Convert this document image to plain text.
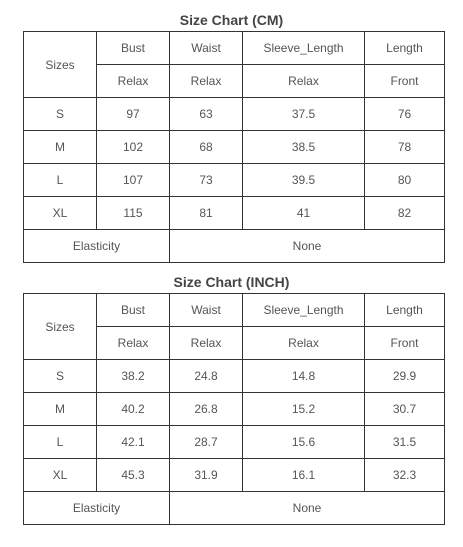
Size Chart (CM)
Sizes	Bust	Waist	Sleeve_Length	Length
	Relax	Relax	Relax	Front
S	97	63	37.5	76
M	102	68	38.5	78
L	107	73	39.5	80
XL	115	81	41	82
Elasticity		None		
Size Chart (INCH)
Sizes	Bust	Waist	Sleeve_Length	Length
	Relax	Relax	Relax	Front
S	38.2	24.8	14.8	29.9
M	40.2	26.8	15.2	30.7
L	42.1	28.7	15.6	31.5
XL	45.3	31.9	16.1	32.3
Elasticity		None		
